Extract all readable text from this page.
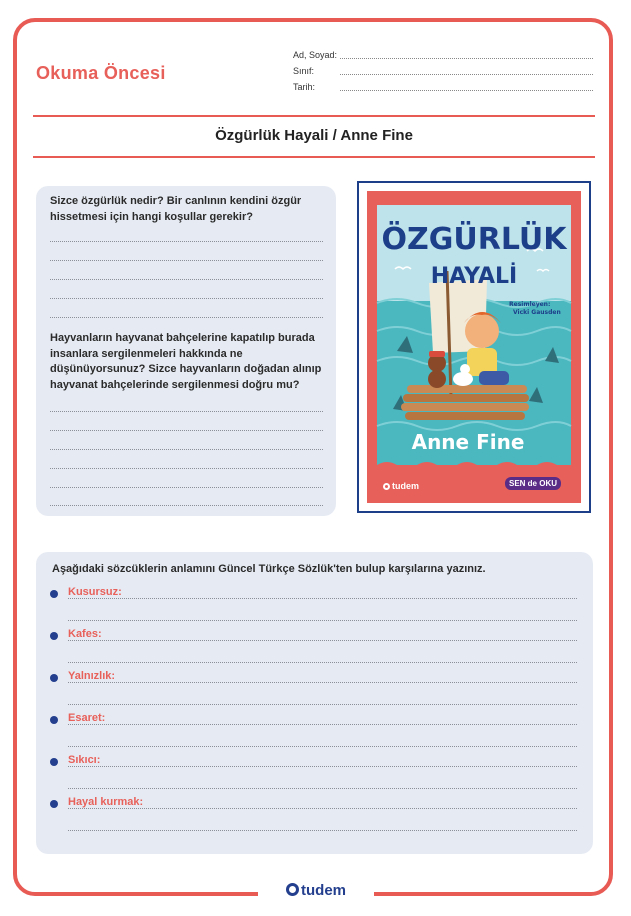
Okuma Öncesi
Ad, Soyad:
Sınıf:
Tarih:
Özgürlük Hayali / Anne Fine
Sizce özgürlük nedir? Bir canlının kendini özgür hissetmesi için hangi koşullar gerekir?
Hayvanların hayvanat bahçelerine kapatılıp burada insanlara sergilenmeleri hakkında ne düşünüyorsunuz? Sizce hayvanların doğadan alınıp hayvanat bahçelerinde sergilenmesi doğru mu?
ÖZGÜRLÜK
HAYALİ
Resimleyen:
Vicki Gausden
Anne Fine
tudem	SEN de OKU
Aşağıdaki sözcüklerin anlamını Güncel Türkçe Sözlük'ten bulup karşılarına yazınız.
Kusursuz:
Kafes:
Yalnızlık:
Esaret:
Sıkıcı:
Hayal kurmak:
tudem
